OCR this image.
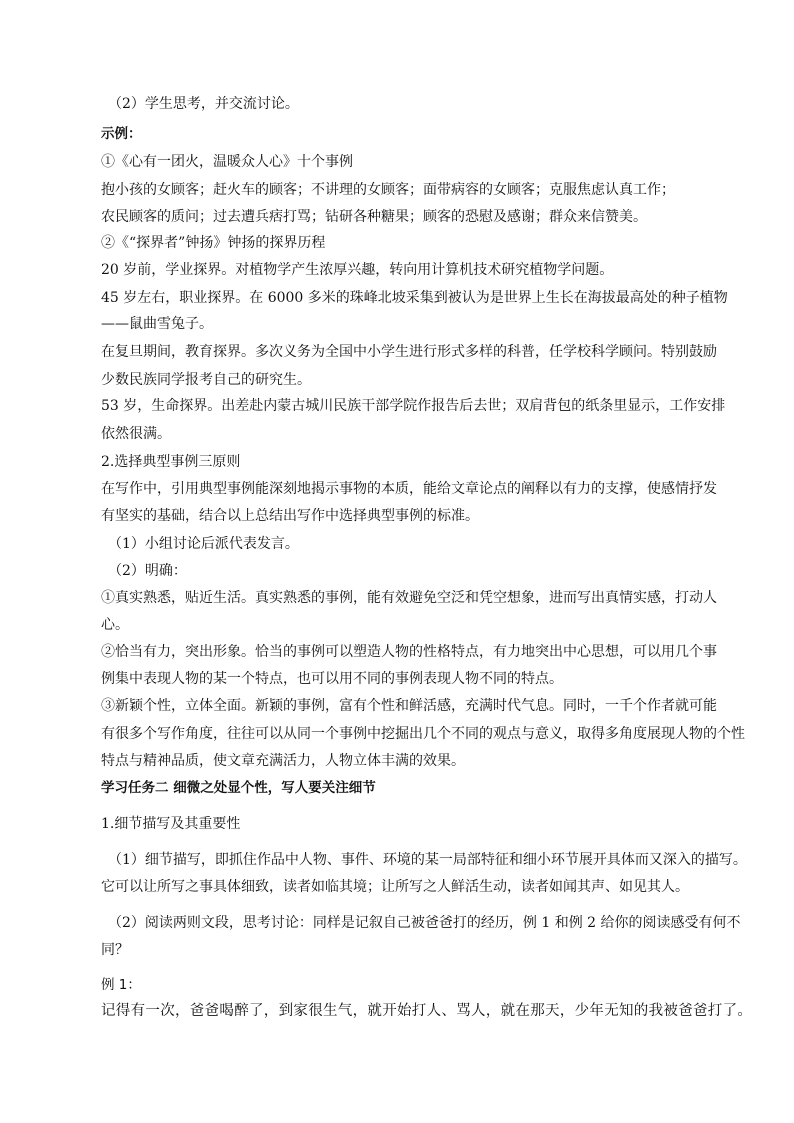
（2）学生思考，并交流讨论。

示例：

①《心有一团火，温暖众人心》十个事例

抱小孩的女顾客；赶火车的顾客；不讲理的女顾客；面带病容的女顾客；克服焦虑认真工作；

农民顾客的质问；过去遭兵痞打骂；钻研各种糖果；顾客的恐慰及感谢；群众来信赞美。

②《“探界者”钟扬》钟扬的探界历程

20 岁前，学业探界。对植物学产生浓厚兴趣，转向用计算机技术研究植物学问题。

45 岁左右，职业探界。在 6000 多米的珠峰北坡采集到被认为是世界上生长在海拔最高处的种子植物

——鼠曲雪兔子。

在复旦期间，教育探界。多次义务为全国中小学生进行形式多样的科普，任学校科学顾问。特别鼓励

少数民族同学报考自己的研究生。

53 岁，生命探界。出差赴内蒙古城川民族干部学院作报告后去世；双肩背包的纸条里显示，工作安排

依然很满。

2.选择典型事例三原则

在写作中，引用典型事例能深刻地揭示事物的本质，能给文章论点的阐释以有力的支撑，使感情抒发

有坚实的基础，结合以上总结出写作中选择典型事例的标准。

（1）小组讨论后派代表发言。

（2）明确：

①真实熟悉，贴近生活。真实熟悉的事例，能有效避免空泛和凭空想象，进而写出真情实感，打动人

心。

②恰当有力，突出形象。恰当的事例可以塑造人物的性格特点，有力地突出中心思想，可以用几个事

例集中表现人物的某一个特点，也可以用不同的事例表现人物不同的特点。

③新颖个性，立体全面。新颖的事例，富有个性和鲜活感，充满时代气息。同时，一千个作者就可能

有很多个写作角度，往往可以从同一个事例中挖掘出几个不同的观点与意义，取得多角度展现人物的个性

特点与精神品质，使文章充满活力，人物立体丰满的效果。

学习任务二 细微之处显个性，写人要关注细节

1.细节描写及其重要性

（1）细节描写，即抓住作品中人物、事件、环境的某一局部特征和细小环节展开具体而又深入的描写。

它可以让所写之事具体细致，读者如临其境；让所写之人鲜活生动，读者如闻其声、如见其人。

（2）阅读两则文段，思考讨论：同样是记叙自己被爸爸打的经历，例 1 和例 2 给你的阅读感受有何不

同？

例 1：

记得有一次，爸爸喝醉了，到家很生气，就开始打人、骂人，就在那天，少年无知的我被爸爸打了。
